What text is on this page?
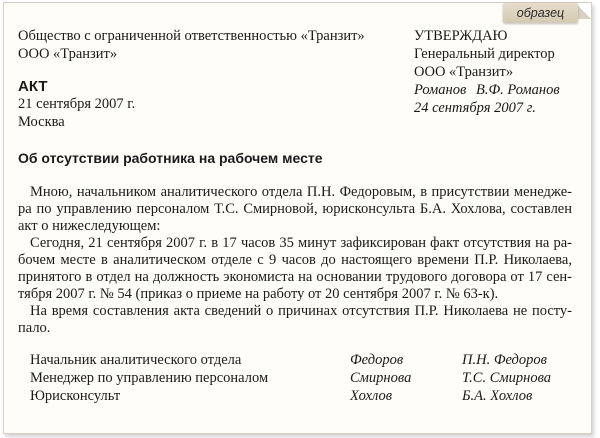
образец
Общество с ограниченной ответственностью «Транзит»
ООО «Транзит»
УТВЕРЖДАЮ
Генеральный директор
ООО «Транзит»
Романов В.Ф. Романов
24 сентября 2007 г.
АКТ
21 сентября 2007 г.
Москва
Об отсутствии работника на рабочем месте
Мною, начальником аналитического отдела П.Н. Федоровым, в присутствии менедже-
ра по управлению персоналом Т.С. Смирновой, юрисконсульта Б.А. Хохлова, составлен
акт о нижеследующем:
Сегодня, 21 сентября 2007 г. в 17 часов 35 минут зафиксирован факт отсутствия на ра-
бочем месте в аналитическом отделе с 9 часов до настоящего времени П.Р. Николаева,
принятого в отдел на должность экономиста на основании трудового договора от 17 сен-
тября 2007 г. № 54 (приказ о приеме на работу от 20 сентября 2007 г. № 63-к).
На время составления акта сведений о причинах отсутствия П.Р. Николаева не посту-
пало.
Начальник аналитического отдела	Федоров	П.Н. Федоров
Менеджер по управлению персоналом	Смирнова	Т.С. Смирнова
Юрисконсульт	Хохлов	Б.А. Хохлов
